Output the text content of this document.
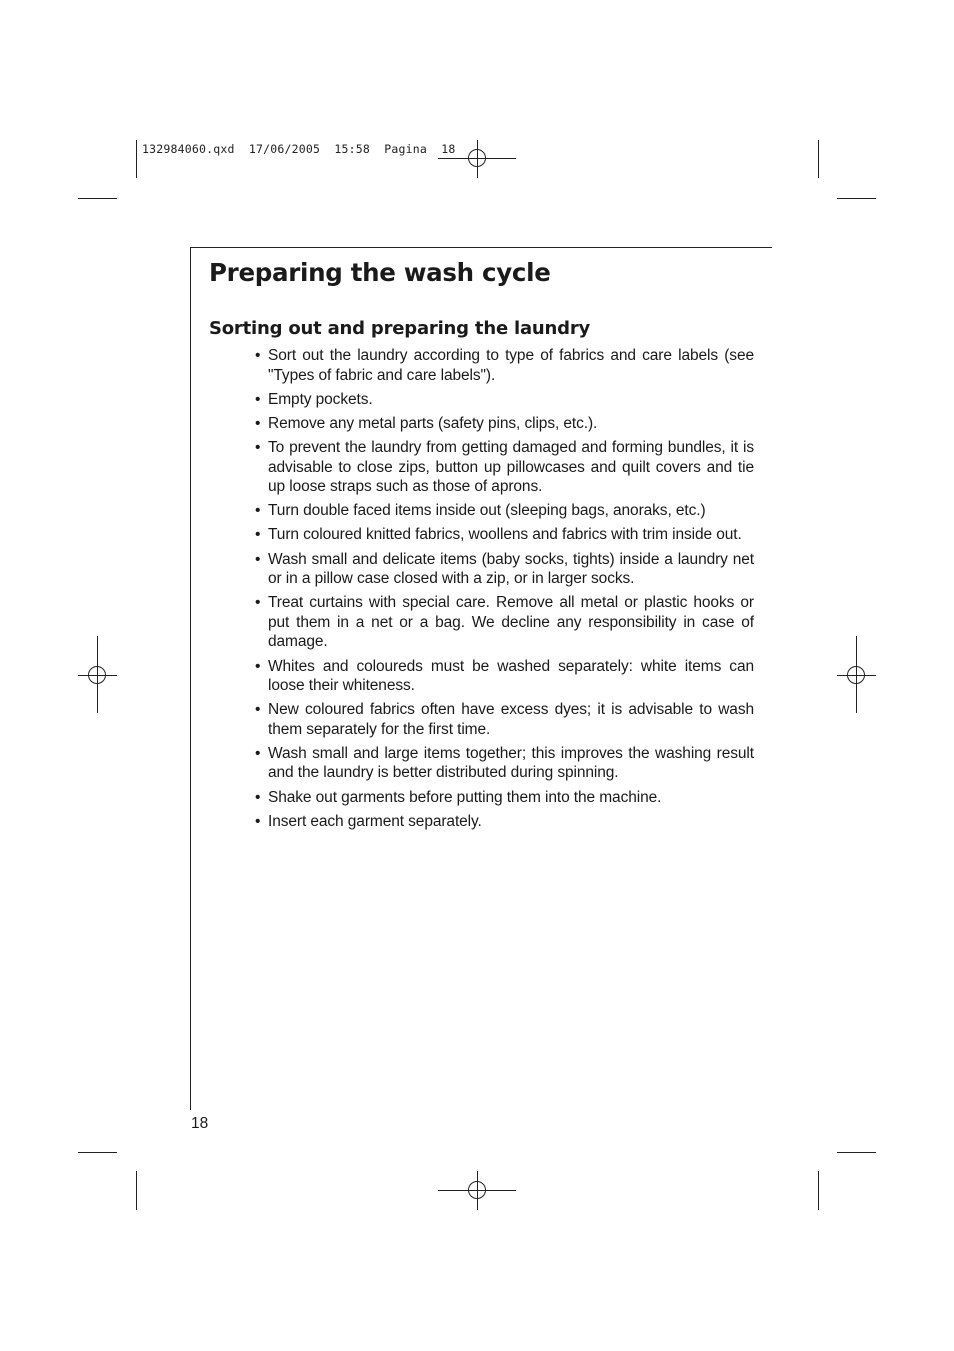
132984060.qxd  17/06/2005  15:58  Pagina  18
Preparing the wash cycle
Sorting out and preparing the laundry
• Sort out the laundry according to type of fabrics and care labels (see "Types of fabric and care labels").
• Empty pockets.
• Remove any metal parts (safety pins, clips, etc.).
• To prevent the laundry from getting damaged and forming bundles, it is advisable to close zips, button up pillowcases and quilt covers and tie up loose straps such as those of aprons.
• Turn double faced items inside out (sleeping bags, anoraks, etc.)
• Turn coloured knitted fabrics, woollens and fabrics with trim inside out.
• Wash small and delicate items (baby socks, tights) inside a laundry net or in a pillow case closed with a zip, or in larger socks.
• Treat curtains with special care. Remove all metal or plastic hooks or put them in a net or a bag. We decline any responsibility in case of damage.
• Whites and coloureds must be washed separately: white items can loose their whiteness.
• New coloured fabrics often have excess dyes; it is advisable to wash them separately for the first time.
• Wash small and large items together; this improves the washing result and the laundry is better distributed during spinning.
• Shake out garments before putting them into the machine.
• Insert each garment separately.
18
